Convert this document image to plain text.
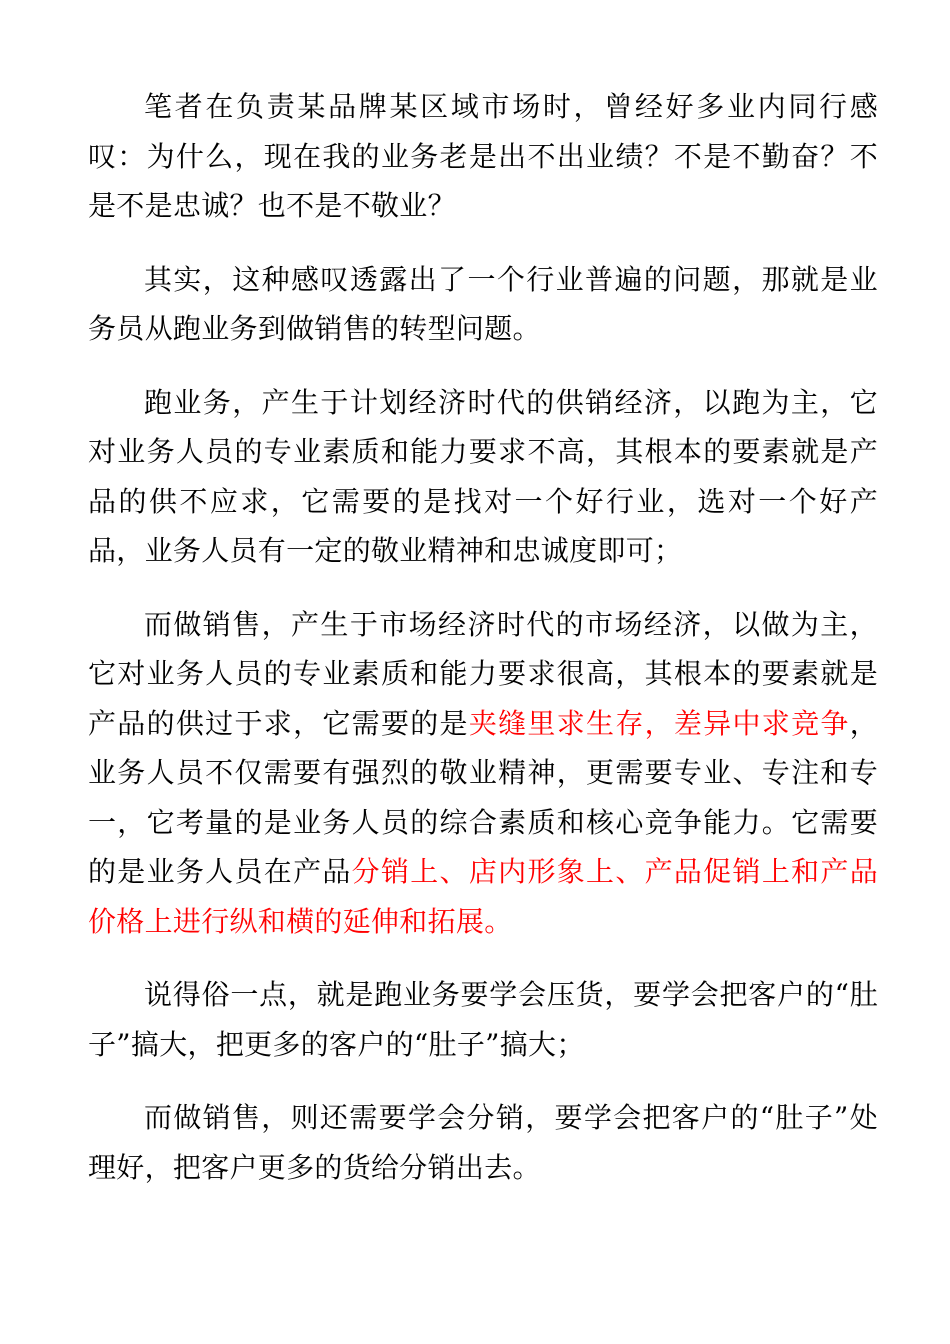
笔者在负责某品牌某区域市场时，曾经好多业内同行感叹：为什么，现在我的业务老是出不出业绩？不是不勤奋？不是不是忠诚？也不是不敬业？

其实，这种感叹透露出了一个行业普遍的问题，那就是业务员从跑业务到做销售的转型问题。

跑业务，产生于计划经济时代的供销经济，以跑为主，它对业务人员的专业素质和能力要求不高，其根本的要素就是产品的供不应求，它需要的是找对一个好行业，选对一个好产品，业务人员有一定的敬业精神和忠诚度即可；

而做销售，产生于市场经济时代的市场经济，以做为主，它对业务人员的专业素质和能力要求很高，其根本的要素就是产品的供过于求，它需要的是夹缝里求生存，差异中求竞争，业务人员不仅需要有强烈的敬业精神，更需要专业、专注和专一，它考量的是业务人员的综合素质和核心竞争能力。它需要的是业务人员在产品分销上、店内形象上、产品促销上和产品价格上进行纵和横的延伸和拓展。

说得俗一点，就是跑业务要学会压货，要学会把客户的“肚子”搞大，把更多的客户的“肚子”搞大；

而做销售，则还需要学会分销，要学会把客户的“肚子”处理好，把客户更多的货给分销出去。
